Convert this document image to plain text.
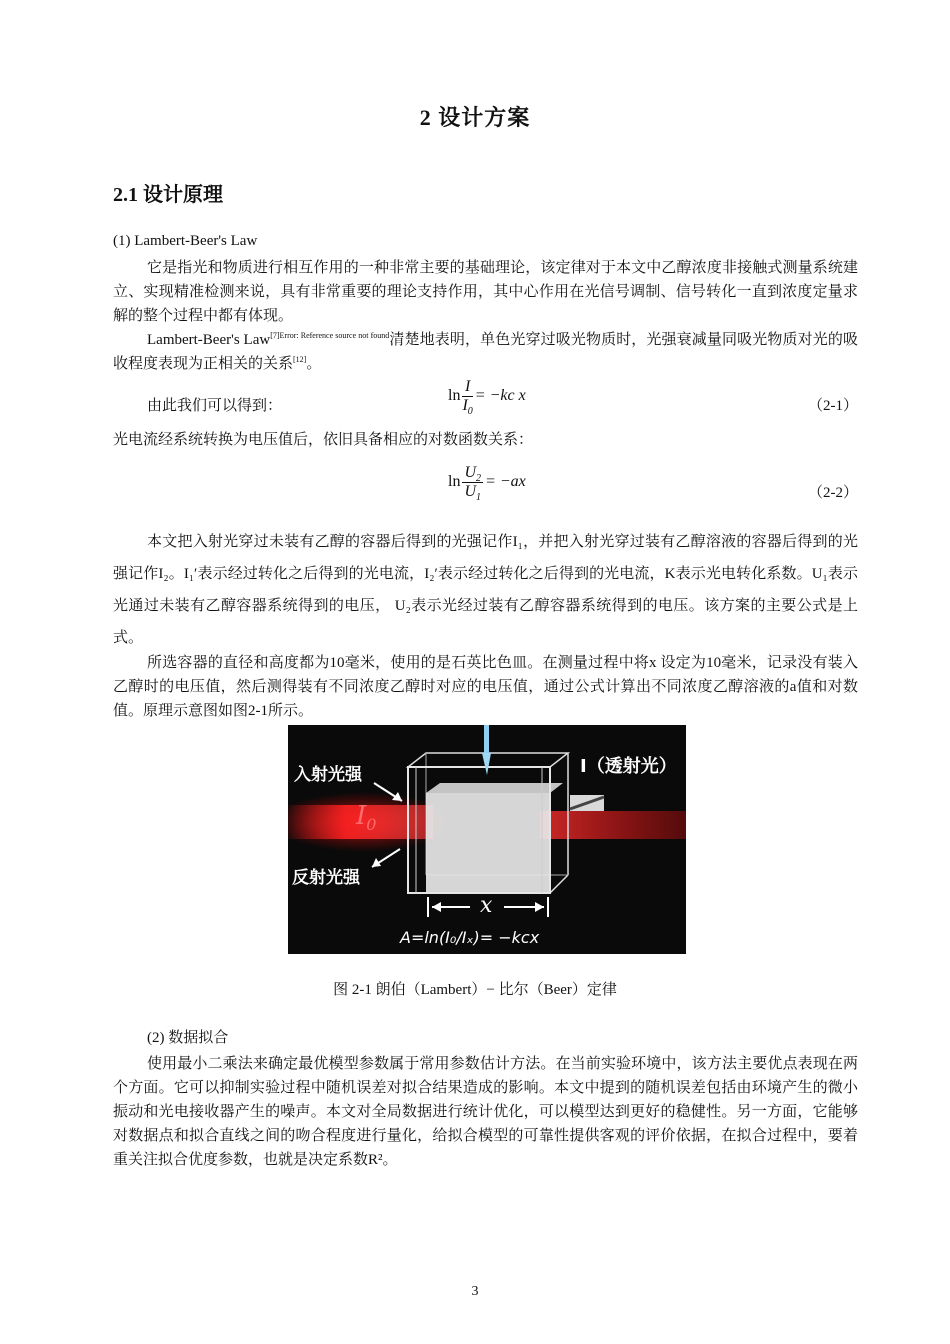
2 设计方案
2.1 设计原理
(1) Lambert-Beer's Law
它是指光和物质进行相互作用的一种非常主要的基础理论，该定律对于本文中乙醇浓度非接触式测量系统建立、实现精准检测来说，具有非常重要的理论支持作用，其中心作用在光信号调制、信号转化一直到浓度定量求解的整个过程中都有体现。
Lambert-Beer's Law$^{[7]Error: Reference source not found}$清楚地表明，单色光穿过吸光物质时，光强衰减量同吸光物质对光的吸收程度表现为正相关的关系[12]。
由此我们可以得到：
$\ln \frac{I}{I_0} = -kc$ x
（2-1）
光电流经系统转换为电压值后，依旧具备相应的对数函数关系：
$\ln \frac{U_2}{U_1} = -ax$
（2-2）
本文把入射光穿过未装有乙醇的容器后得到的光强记作I₁，并把入射光穿过装有乙醇溶液的容器后得到的光强记作I₂。I₁′表示经过转化之后得到的光电流，I₂′表示经过转化之后得到的光电流，K表示光电转化系数。U₁表示光通过未装有乙醇容器系统得到的电压， U₂表示光经过装有乙醇容器系统得到的电压。该方案的主要公式是上式。
所选容器的直径和高度都为10毫米，使用的是石英比色皿。在测量过程中将x 设定为10毫米，记录没有装入乙醇时的电压值，然后测得装有不同浓度乙醇时对应的电压值，通过公式计算出不同浓度乙醇溶液的a值和对数值。原理示意图如图2-1所示。
入射光强
反射光强
I（透射光）
$I_0$
x
A=ln(I₀/Iₓ)= −kcx
图 2-1 朗伯（Lambert）− 比尔（Beer）定律
(2) 数据拟合
使用最小二乘法来确定最优模型参数属于常用参数估计方法。在当前实验环境中，该方法主要优点表现在两个方面。它可以抑制实验过程中随机误差对拟合结果造成的影响。本文中提到的随机误差包括由环境产生的微小振动和光电接收器产生的噪声。本文对全局数据进行统计优化，可以模型达到更好的稳健性。另一方面，它能够对数据点和拟合直线之间的吻合程度进行量化，给拟合模型的可靠性提供客观的评价依据，在拟合过程中，要着重关注拟合优度参数，也就是决定系数R²。
3
